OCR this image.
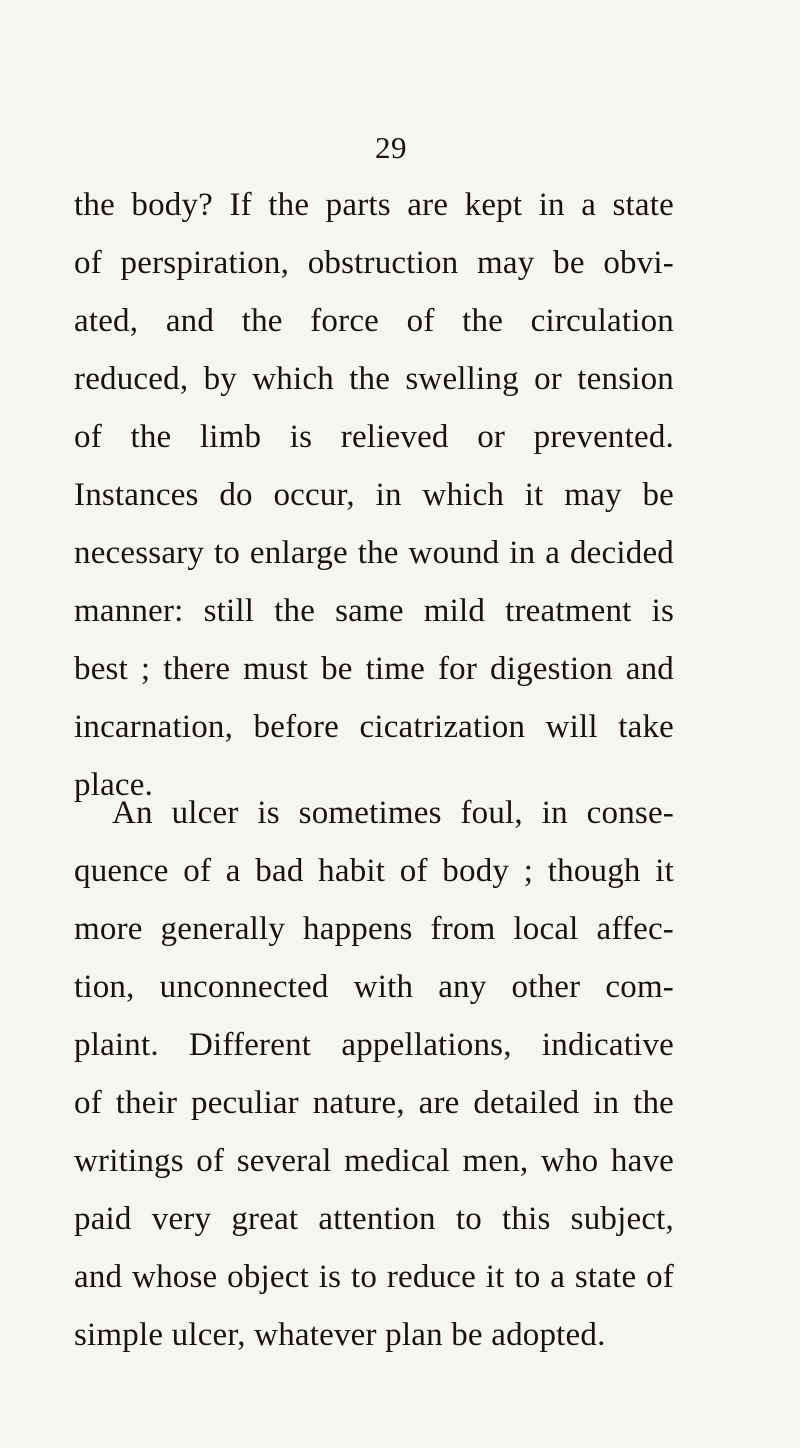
29
the body? If the parts are kept in a state
of perspiration, obstruction may be obvi-
ated, and the force of the circulation
reduced, by which the swelling or tension
of the limb is relieved or prevented.
Instances do occur, in which it may be
necessary to enlarge the wound in a decided
manner: still the same mild treatment is
best ; there must be time for digestion and
incarnation, before cicatrization will take
place.
An ulcer is sometimes foul, in conse-
quence of a bad habit of body ; though it
more generally happens from local affec-
tion, unconnected with any other com-
plaint. Different appellations, indicative
of their peculiar nature, are detailed in the
writings of several medical men, who have
paid very great attention to this subject,
and whose object is to reduce it to a state of
simple ulcer, whatever plan be adopted.
